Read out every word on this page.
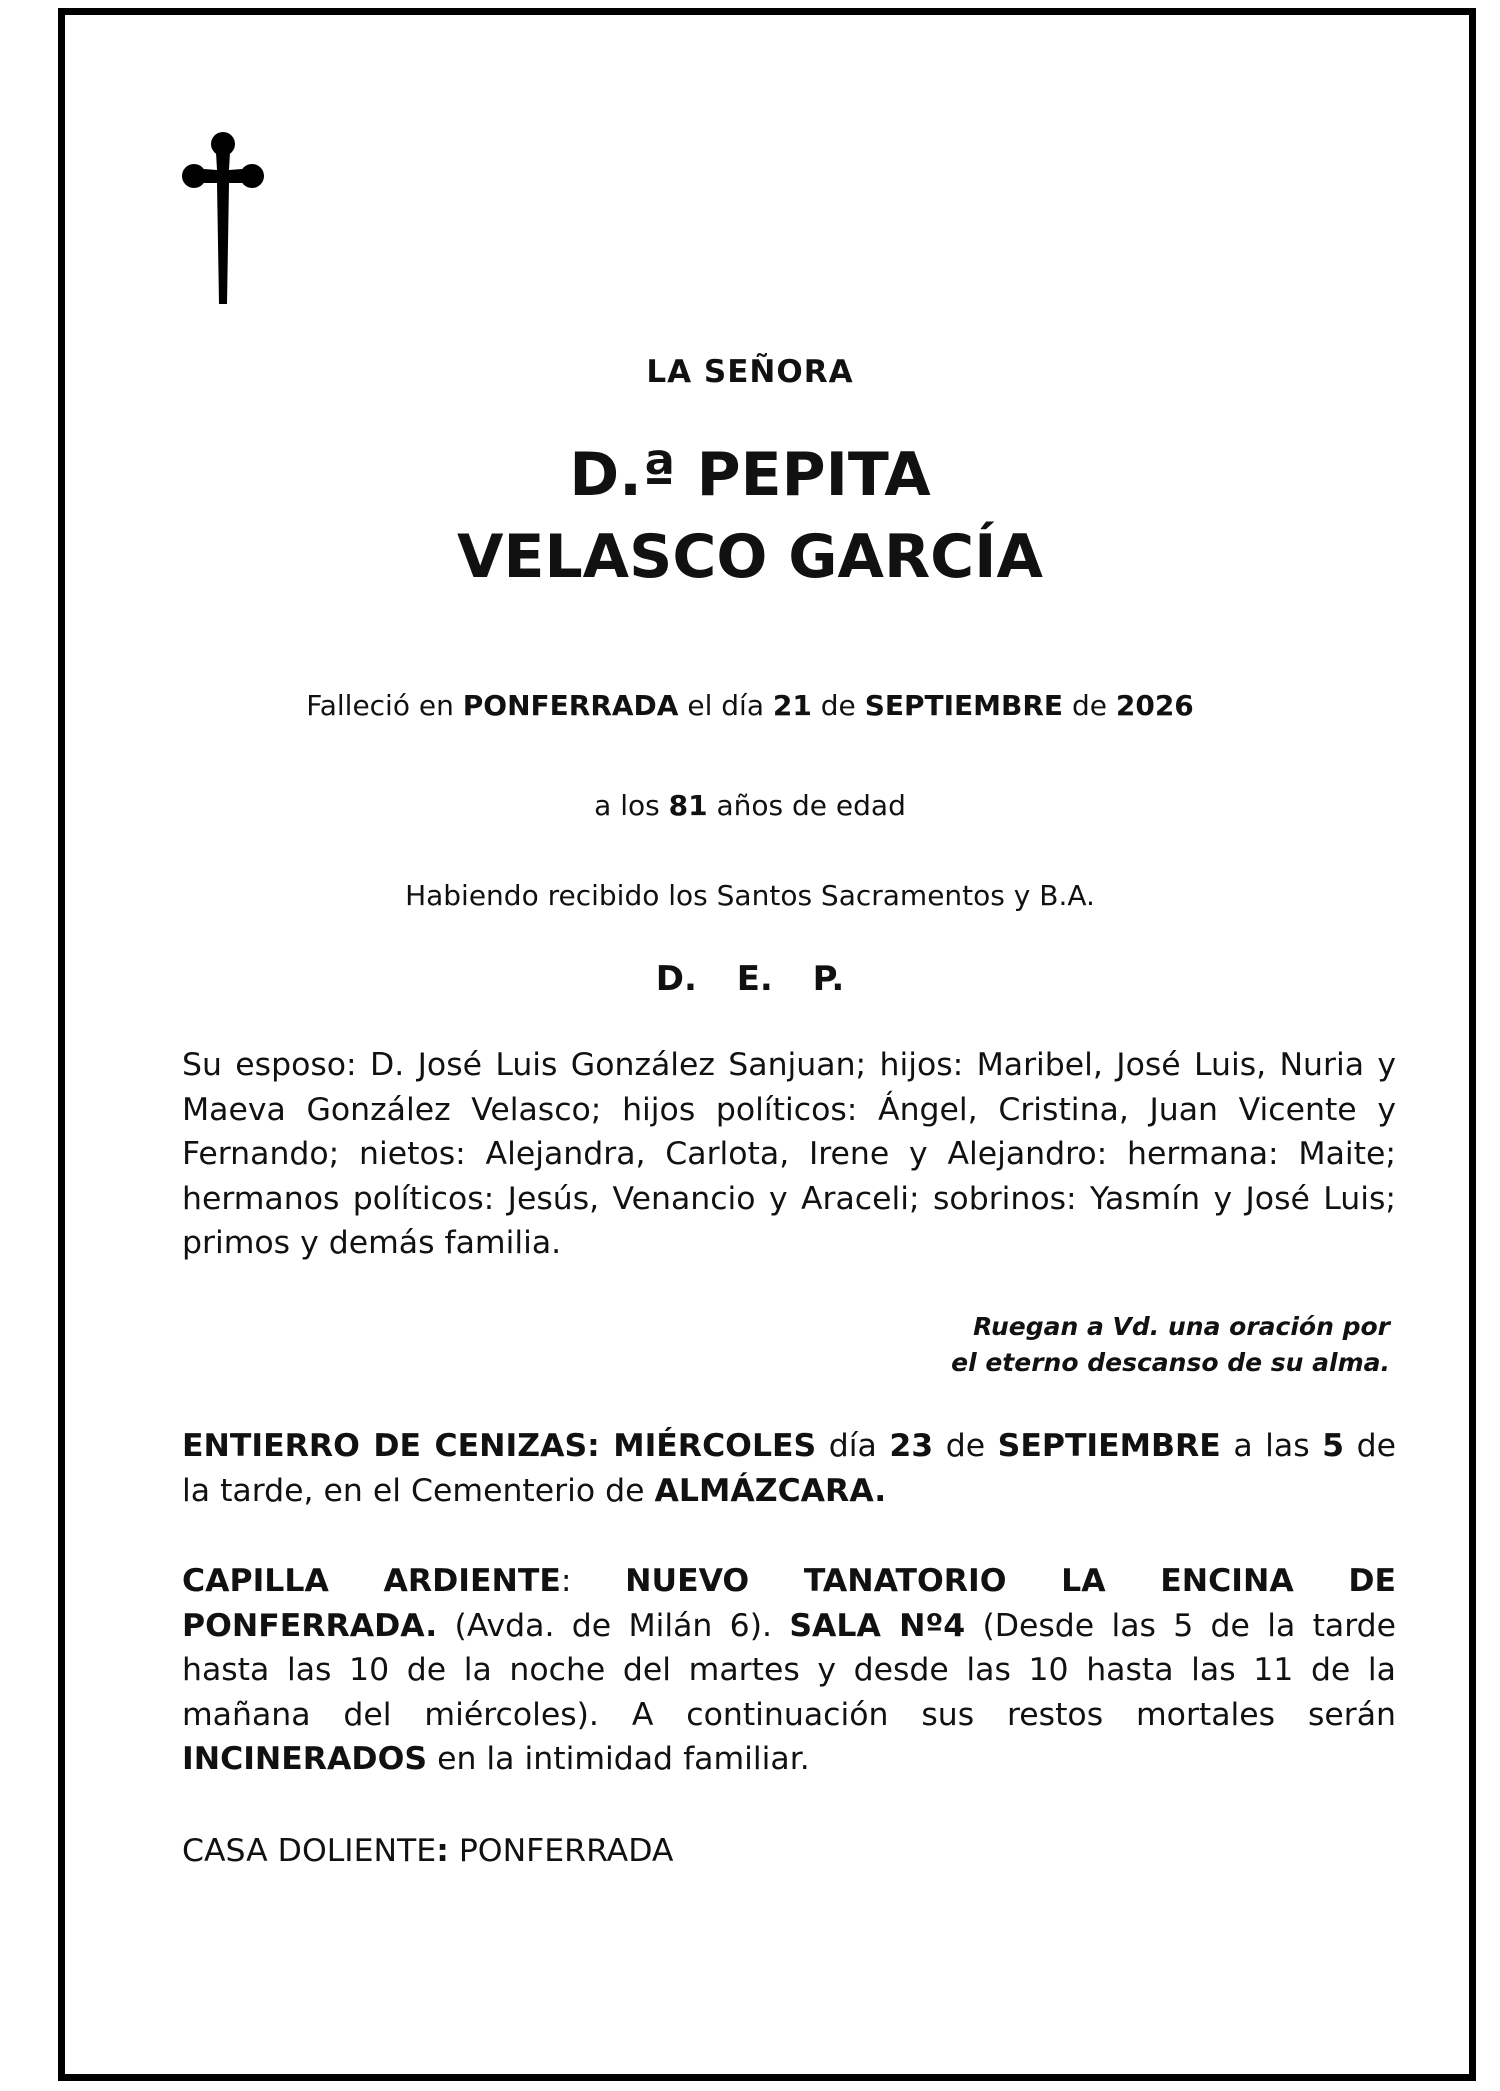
LA SEÑORA

D.ª PEPITA

VELASCO GARCÍA

Falleció en PONFERRADA el día 21 de SEPTIEMBRE de 2026

a los 81 años de edad

Habiendo recibido los Santos Sacramentos y B.A.

D. E. P.

Su esposo: D. José Luis González Sanjuan; hijos: Maribel, José Luis, Nuria y Maeva González Velasco; hijos políticos: Ángel, Cristina, Juan Vicente y Fernando; nietos: Alejandra, Carlota, Irene y Alejandro: hermana: Maite; hermanos políticos: Jesús, Venancio y Araceli; sobrinos: Yasmín y José Luis; primos y demás familia.

Ruegan a Vd. una oración por
el eterno descanso de su alma.

ENTIERRO DE CENIZAS: MIÉRCOLES día 23 de SEPTIEMBRE a las 5 de la tarde, en el Cementerio de ALMÁZCARA.

CAPILLA ARDIENTE: NUEVO TANATORIO LA ENCINA DE PONFERRADA. (Avda. de Milán 6). SALA Nº4 (Desde las 5 de la tarde hasta las 10 de la noche del martes y desde las 10 hasta las 11 de la mañana del miércoles). A continuación sus restos mortales serán INCINERADOS en la intimidad familiar.

CASA DOLIENTE: PONFERRADA
